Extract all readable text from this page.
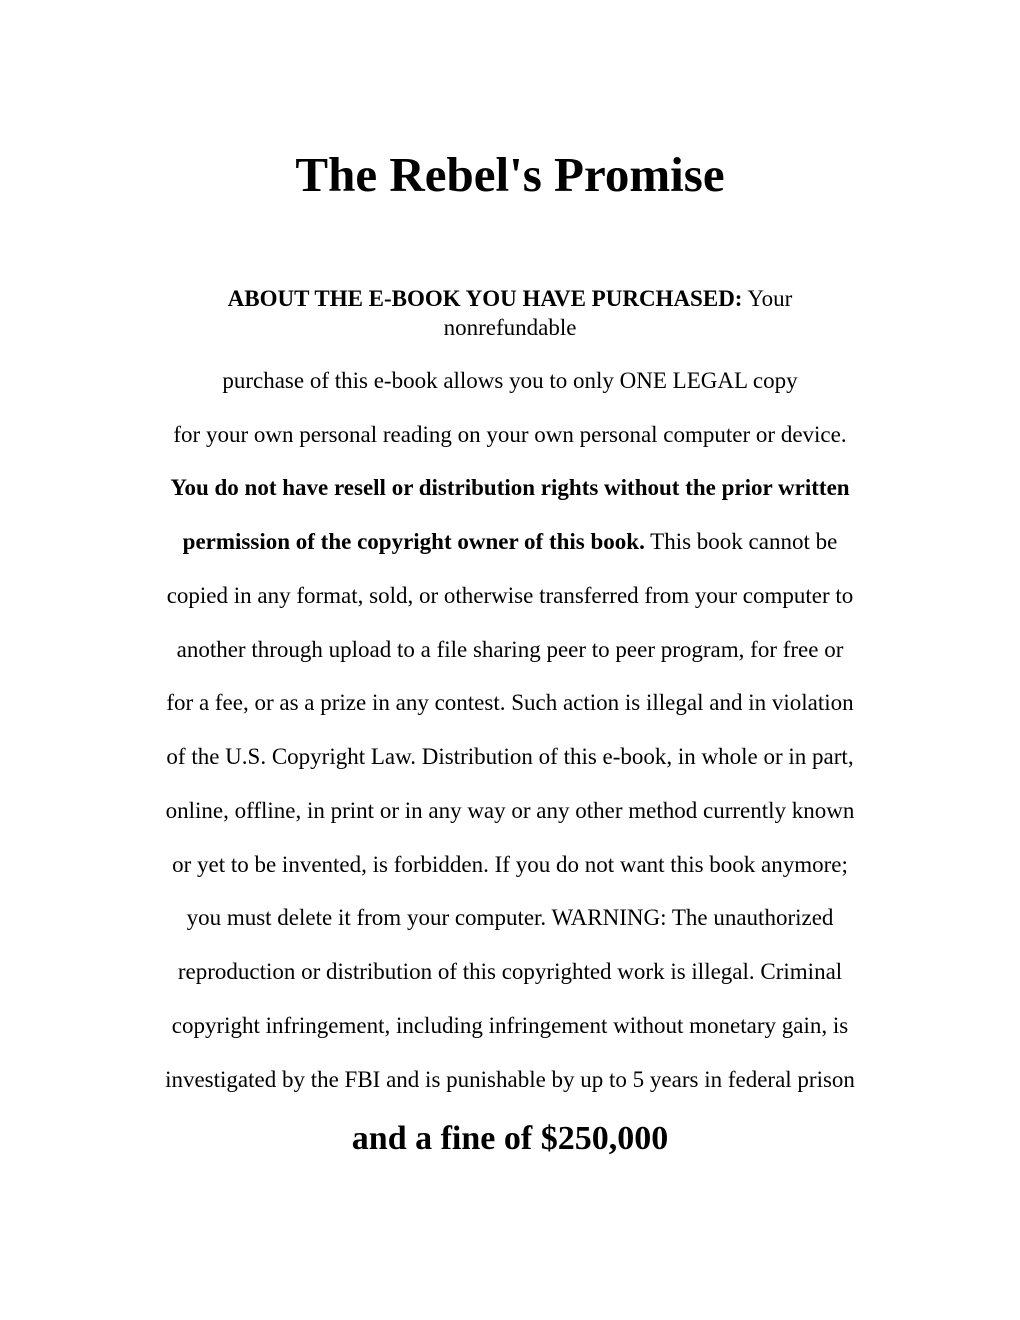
The Rebel's Promise

ABOUT THE E-BOOK YOU HAVE PURCHASED: Your nonrefundable

purchase of this e-book allows you to only ONE LEGAL copy

for your own personal reading on your own personal computer or device.

You do not have resell or distribution rights without the prior written

permission of the copyright owner of this book. This book cannot be

copied in any format, sold, or otherwise transferred from your computer to

another through upload to a file sharing peer to peer program, for free or

for a fee, or as a prize in any contest. Such action is illegal and in violation

of the U.S. Copyright Law. Distribution of this e-book, in whole or in part,

online, offline, in print or in any way or any other method currently known

or yet to be invented, is forbidden. If you do not want this book anymore;

you must delete it from your computer. WARNING: The unauthorized

reproduction or distribution of this copyrighted work is illegal. Criminal

copyright infringement, including infringement without monetary gain, is

investigated by the FBI and is punishable by up to 5 years in federal prison

and a fine of $250,000
